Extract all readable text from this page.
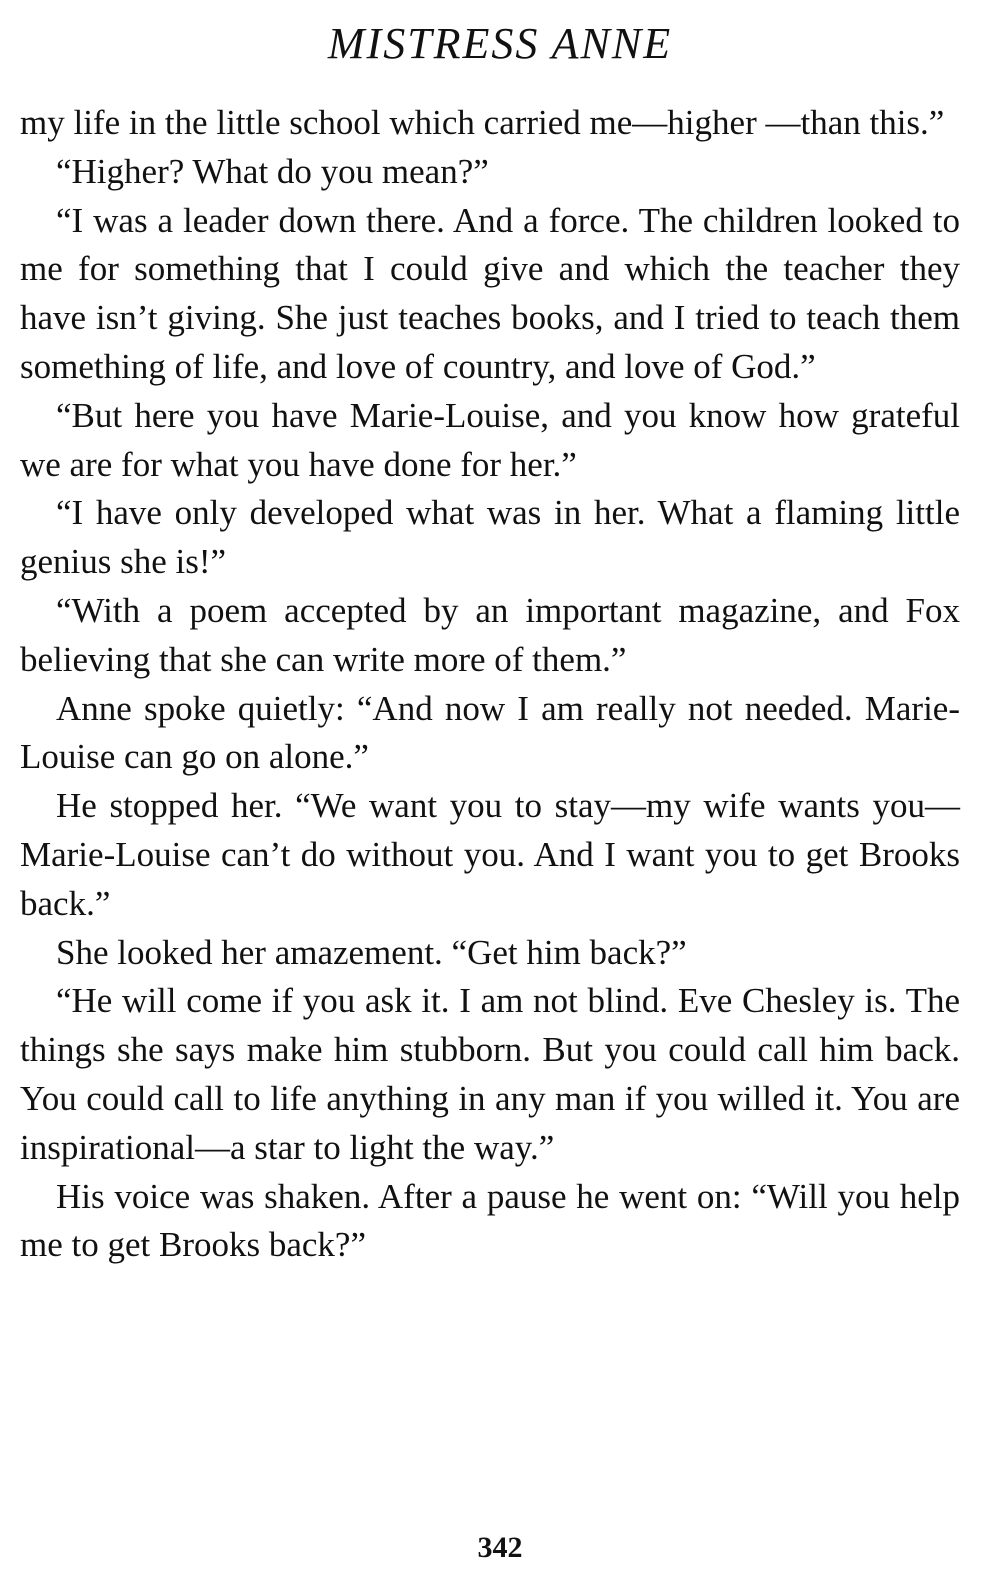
MISTRESS ANNE

my life in the little school which carried me—higher —than this.”

“Higher? What do you mean?”

“I was a leader down there. And a force. The children looked to me for something that I could give and which the teacher they have isn’t giving. She just teaches books, and I tried to teach them something of life, and love of country, and love of God.”

“But here you have Marie-Louise, and you know how grateful we are for what you have done for her.”

“I have only developed what was in her. What a flaming little genius she is!”

“With a poem accepted by an important magazine, and Fox believing that she can write more of them.”

Anne spoke quietly: “And now I am really not needed. Marie-Louise can go on alone.”

He stopped her. “We want you to stay—my wife wants you—Marie-Louise can’t do without you. And I want you to get Brooks back.”

She looked her amazement. “Get him back?”

“He will come if you ask it. I am not blind. Eve Chesley is. The things she says make him stubborn. But you could call him back. You could call to life anything in any man if you willed it. You are inspirational—a star to light the way.”

His voice was shaken. After a pause he went on: “Will you help me to get Brooks back?”

342
